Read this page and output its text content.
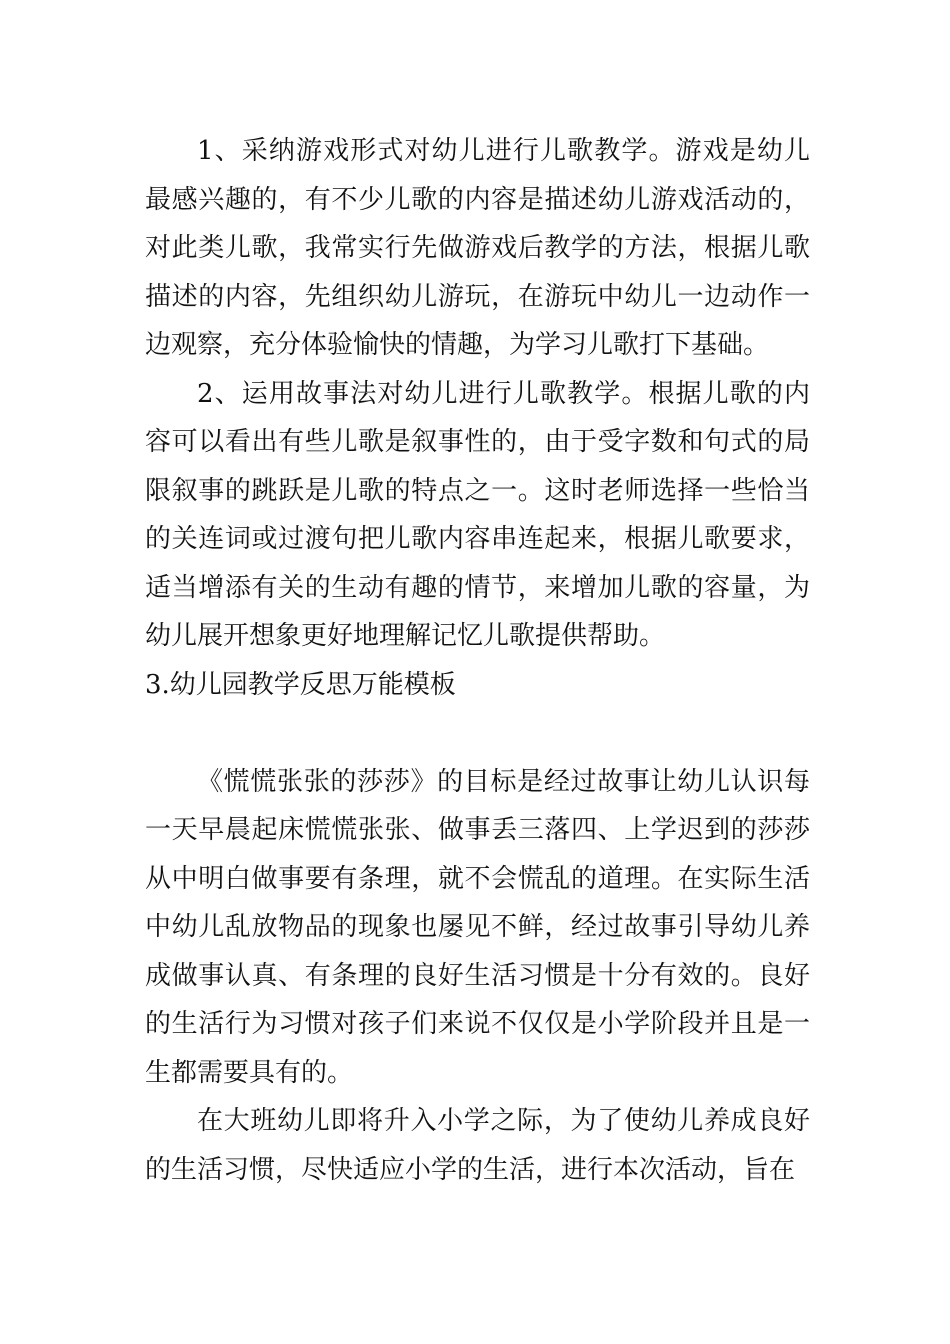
1、采纳游戏形式对幼儿进行儿歌教学。游戏是幼儿最感兴趣的，有不少儿歌的内容是描述幼儿游戏活动的，对此类儿歌，我常实行先做游戏后教学的方法，根据儿歌描述的内容，先组织幼儿游玩，在游玩中幼儿一边动作一边观察，充分体验愉快的情趣，为学习儿歌打下基础。

2、运用故事法对幼儿进行儿歌教学。根据儿歌的内容可以看出有些儿歌是叙事性的，由于受字数和句式的局限叙事的跳跃是儿歌的特点之一。这时老师选择一些恰当的关连词或过渡句把儿歌内容串连起来，根据儿歌要求，适当增添有关的生动有趣的情节，来增加儿歌的容量，为幼儿展开想象更好地理解记忆儿歌提供帮助。

3.幼儿园教学反思万能模板

《慌慌张张的莎莎》的目标是经过故事让幼儿认识每一天早晨起床慌慌张张、做事丢三落四、上学迟到的莎莎从中明白做事要有条理，就不会慌乱的道理。在实际生活中幼儿乱放物品的现象也屡见不鲜，经过故事引导幼儿养成做事认真、有条理的良好生活习惯是十分有效的。良好的生活行为习惯对孩子们来说不仅仅是小学阶段并且是一生都需要具有的。

在大班幼儿即将升入小学之际，为了使幼儿养成良好的生活习惯，尽快适应小学的生活，进行本次活动，旨在
